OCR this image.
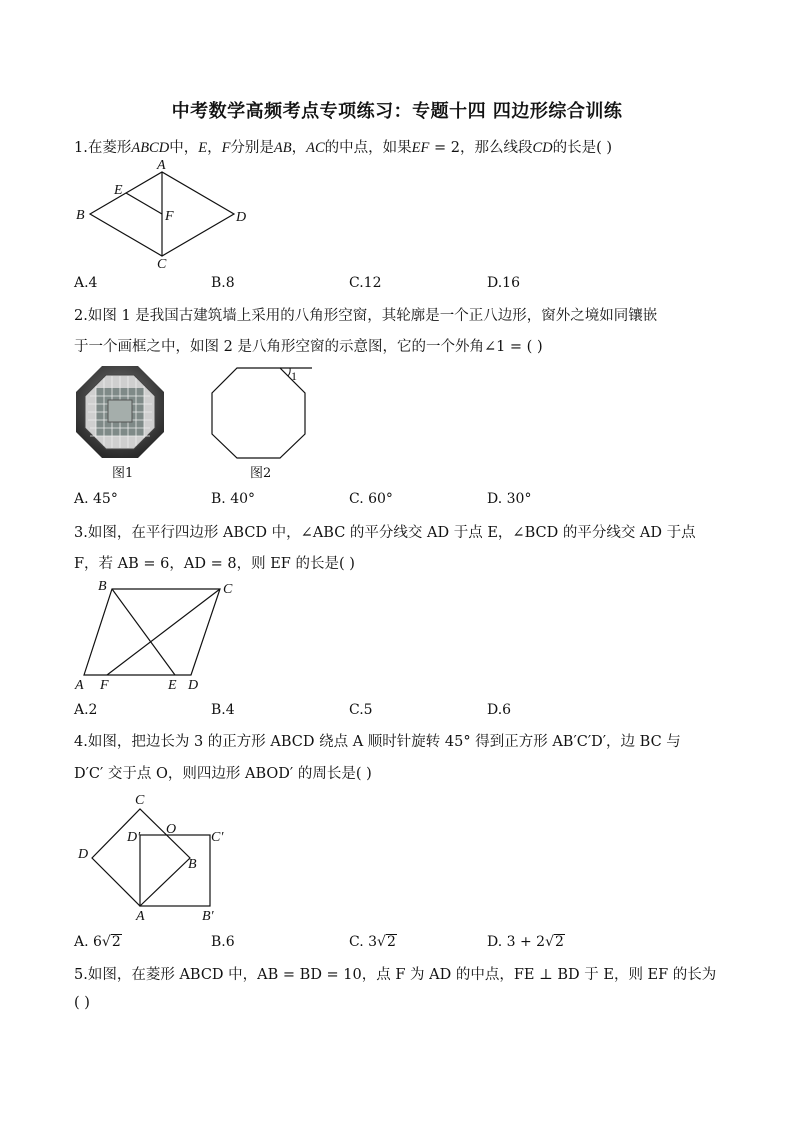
中考数学高频考点专项练习：专题十四 四边形综合训练
1.在菱形ABCD中，E，F分别是AB，AC的中点，如果EF = 2，那么线段CD的长是( )
B
A
D
C
E
F
A.4	B.8	C.12	D.16
2.如图 1 是我国古建筑墙上采用的八角形空窗，其轮廓是一个正八边形，窗外之境如同镶嵌
于一个画框之中，如图 2 是八角形空窗的示意图，它的一个外角∠1 = ( )
图1
1
图2
A. 45°	B. 40°	C. 60°	D. 30°
3.如图，在平行四边形 ABCD 中，∠ABC 的平分线交 AD 于点 E，∠BCD 的平分线交 AD 于点
F，若 AB = 6，AD = 8，则 EF 的长是( )
B	C
A F	E D
A.2	B.4	C.5	D.6
4.如图，把边长为 3 的正方形 ABCD 绕点 A 顺时针旋转 45° 得到正方形 AB′C′D′，边 BC 与
D′C′ 交于点 O，则四边形 ABOD′ 的周长是( )
C
D
O
D′	C′
B
A	B′
A. 6√2	B.6	C. 3√2	D. 3 + 2√2
5.如图，在菱形 ABCD 中，AB = BD = 10，点 F 为 AD 的中点，FE ⊥ BD 于 E，则 EF 的长为
( )
